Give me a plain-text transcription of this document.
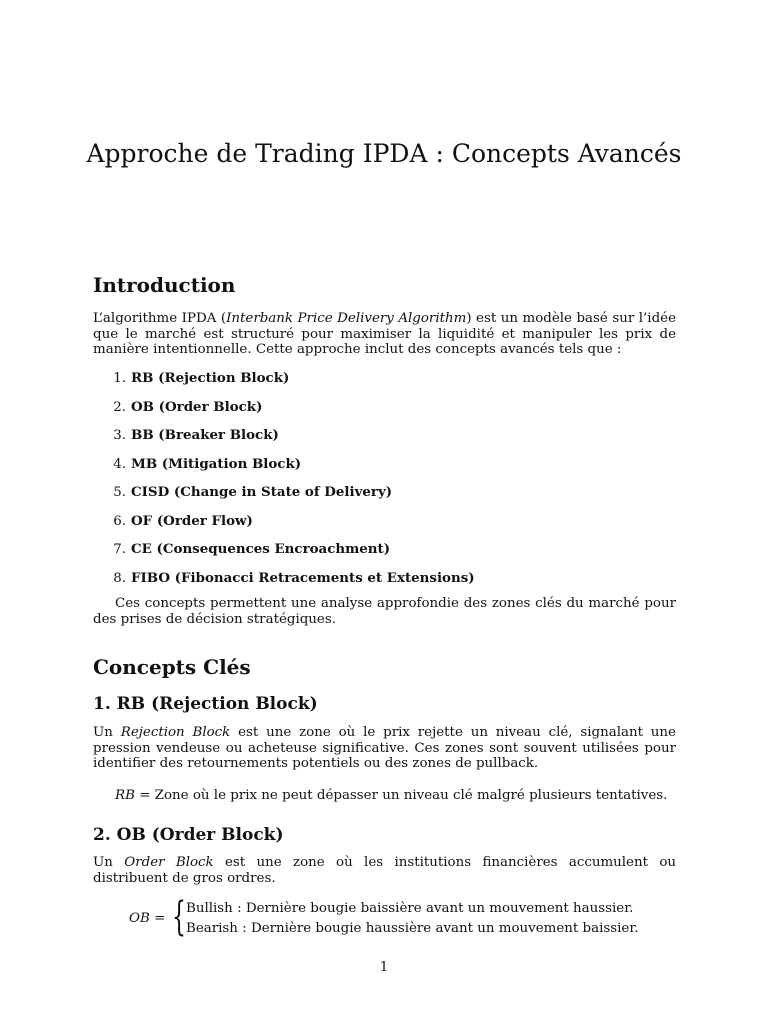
Approche de Trading IPDA : Concepts Avancés
Introduction

L’algorithme IPDA (Interbank Price Delivery Algorithm) est un modèle basé sur l’idée que le marché est structuré pour maximiser la liquidité et manipuler les prix de manière intentionnelle. Cette approche inclut des concepts avancés tels que :

1. RB (Rejection Block)
2. OB (Order Block)
3. BB (Breaker Block)
4. MB (Mitigation Block)
5. CISD (Change in State of Delivery)
6. OF (Order Flow)
7. CE (Consequences Encroachment)
8. FIBO (Fibonacci Retracements et Extensions)

Ces concepts permettent une analyse approfondie des zones clés du marché pour des prises de décision stratégiques.

Concepts Clés
1. RB (Rejection Block)

Un Rejection Block est une zone où le prix rejette un niveau clé, signalant une pression vendeuse ou acheteuse significative. Ces zones sont souvent utilisées pour identifier des retournements potentiels ou des zones de pullback.

RB = Zone où le prix ne peut dépasser un niveau clé malgré plusieurs tentatives.
2. OB (Order Block)

Un Order Block est une zone où les institutions financières accumulent ou distribuent de gros ordres.

OB = { Bullish : Dernière bougie baissière avant un mouvement haussier.
Bearish : Dernière bougie haussière avant un mouvement baissier.
1
